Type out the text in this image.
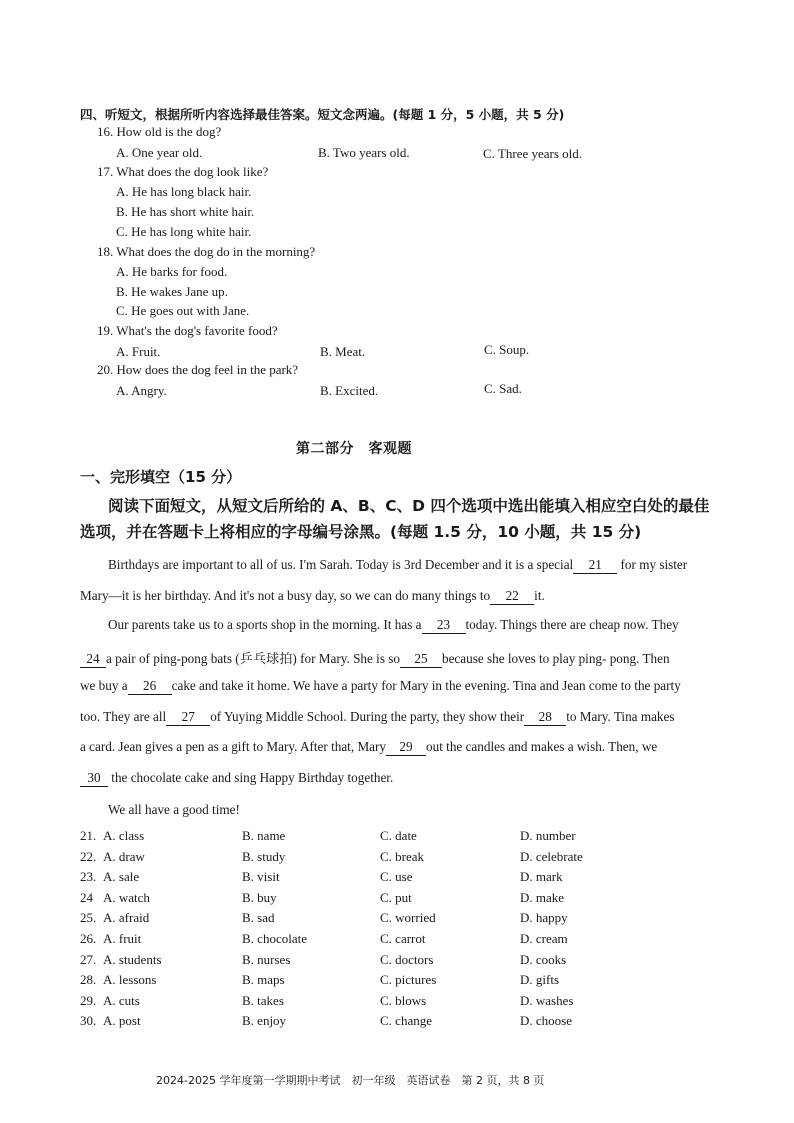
四、听短文，根据所听内容选择最佳答案。短文念两遍。(每题 1 分，5 小题，共 5 分)
16. How old is the dog?
A. One year old.	B. Two years old.	C. Three years old.
17. What does the dog look like?
A. He has long black hair.
B. He has short white hair.
C. He has long white hair.
18. What does the dog do in the morning?
A. He barks for food.
B. He wakes Jane up.
C. He goes out with Jane.
19. What's the dog's favorite food?
A. Fruit.	B. Meat.	C. Soup.
20. How does the dog feel in the park?
A. Angry.	B. Excited.	C. Sad.
第二部分　客观题
一、完形填空（15 分）
阅读下面短文，从短文后所给的 A、B、C、D 四个选项中选出能填入相应空白处的最佳选项，并在答题卡上将相应的字母编号涂黑。(每题 1.5 分，10 小题，共 15 分)
Birthdays are important to all of us. I'm Sarah. Today is 3rd December and it is a special 21 for my sister
Mary—it is her birthday. And it's not a busy day, so we can do many things to 22 it.
Our parents take us to a sports shop in the morning. It has a 23 today. Things there are cheap now. They
24 a pair of ping-pong bats (乒乓球拍) for Mary. She is so 25 because she loves to play ping- pong. Then
we buy a 26 cake and take it home. We have a party for Mary in the evening. Tina and Jean come to the party
too. They are all 27 of Yuying Middle School. During the party, they show their 28 to Mary. Tina makes
a card. Jean gives a pen as a gift to Mary. After that, Mary 29 out the candles and makes a wish. Then, we
30 the chocolate cake and sing Happy Birthday together.
We all have a good time!
21. A. class	B. name	C. date	D. number
22. A. draw	B. study	C. break	D. celebrate
23. A. sale	B. visit	C. use	D. mark
24 A. watch	B. buy	C. put	D. make
25. A. afraid	B. sad	C. worried	D. happy
26. A. fruit	B. chocolate	C. carrot	D. cream
27. A. students	B. nurses	C. doctors	D. cooks
28. A. lessons	B. maps	C. pictures	D. gifts
29. A. cuts	B. takes	C. blows	D. washes
30. A. post	B. enjoy	C. change	D. choose
2024-2025 学年度第一学期期中考试　初一年级　英语试卷　第 2 页，共 8 页
